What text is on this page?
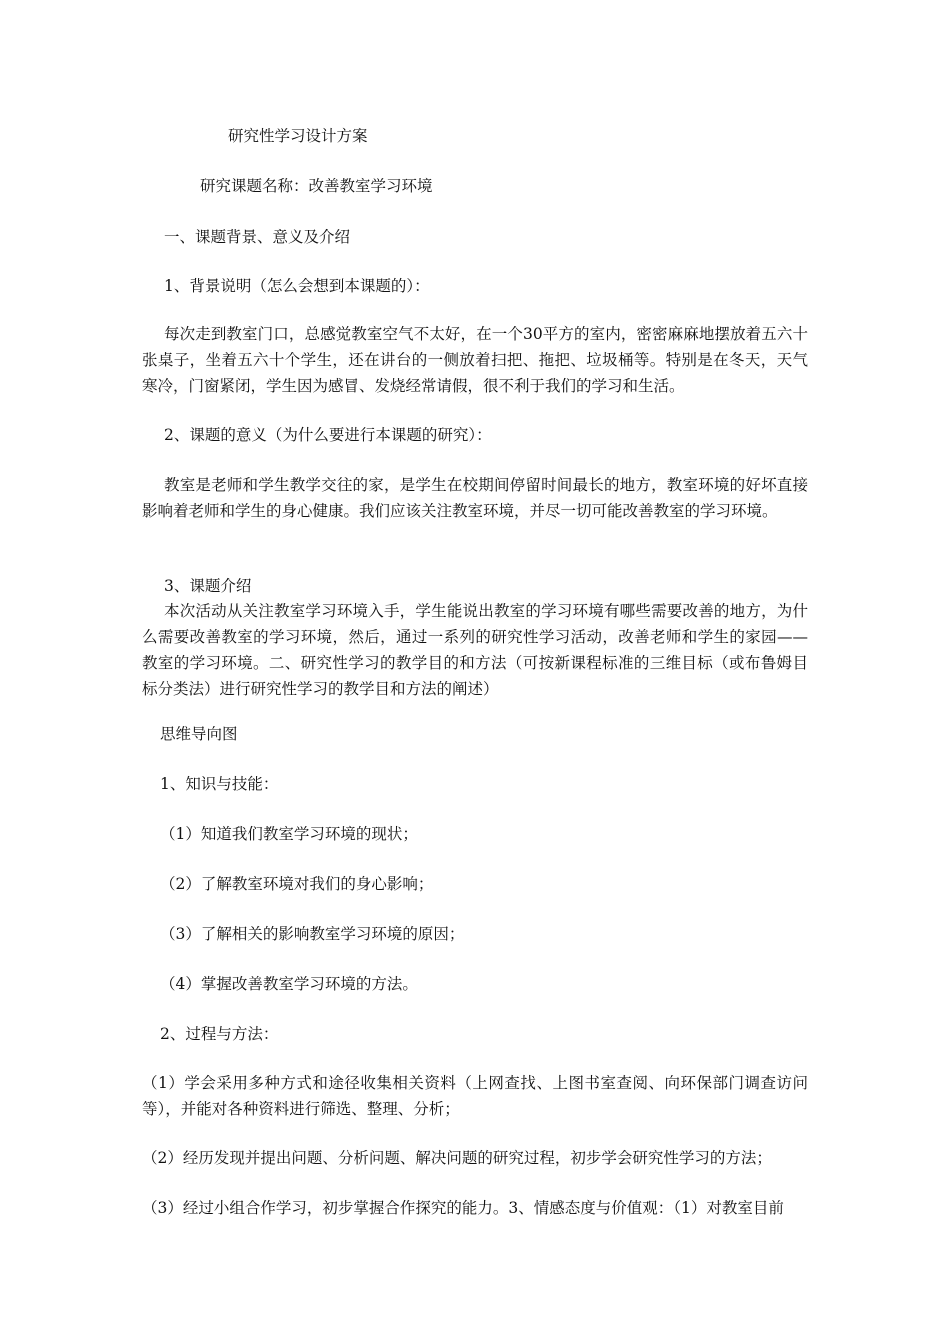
研究性学习设计方案

研究课题名称：改善教室学习环境

一、课题背景、意义及介绍

1、背景说明（怎么会想到本课题的）：

每次走到教室门口，总感觉教室空气不太好，在一个30平方的室内，密密麻麻地摆放着五六十张桌子，坐着五六十个学生，还在讲台的一侧放着扫把、拖把、垃圾桶等。特别是在冬天，天气寒冷，门窗紧闭，学生因为感冒、发烧经常请假，很不利于我们的学习和生活。

2、课题的意义（为什么要进行本课题的研究）：

教室是老师和学生教学交往的家，是学生在校期间停留时间最长的地方，教室环境的好坏直接影响着老师和学生的身心健康。我们应该关注教室环境，并尽一切可能改善教室的学习环境。

3、课题介绍

本次活动从关注教室学习环境入手，学生能说出教室的学习环境有哪些需要改善的地方，为什么需要改善教室的学习环境，然后，通过一系列的研究性学习活动，改善老师和学生的家园——教室的学习环境。二、研究性学习的教学目的和方法（可按新课程标准的三维目标（或布鲁姆目标分类法）进行研究性学习的教学目和方法的阐述）

思维导向图

1、知识与技能：

（1）知道我们教室学习环境的现状；

（2）了解教室环境对我们的身心影响；

（3）了解相关的影响教室学习环境的原因；

（4）掌握改善教室学习环境的方法。

2、过程与方法：

（1）学会采用多种方式和途径收集相关资料（上网查找、上图书室查阅、向环保部门调查访问等），并能对各种资料进行筛选、整理、分析；

（2）经历发现并提出问题、分析问题、解决问题的研究过程，初步学会研究性学习的方法；

（3）经过小组合作学习，初步掌握合作探究的能力。3、情感态度与价值观：（1）对教室目前
